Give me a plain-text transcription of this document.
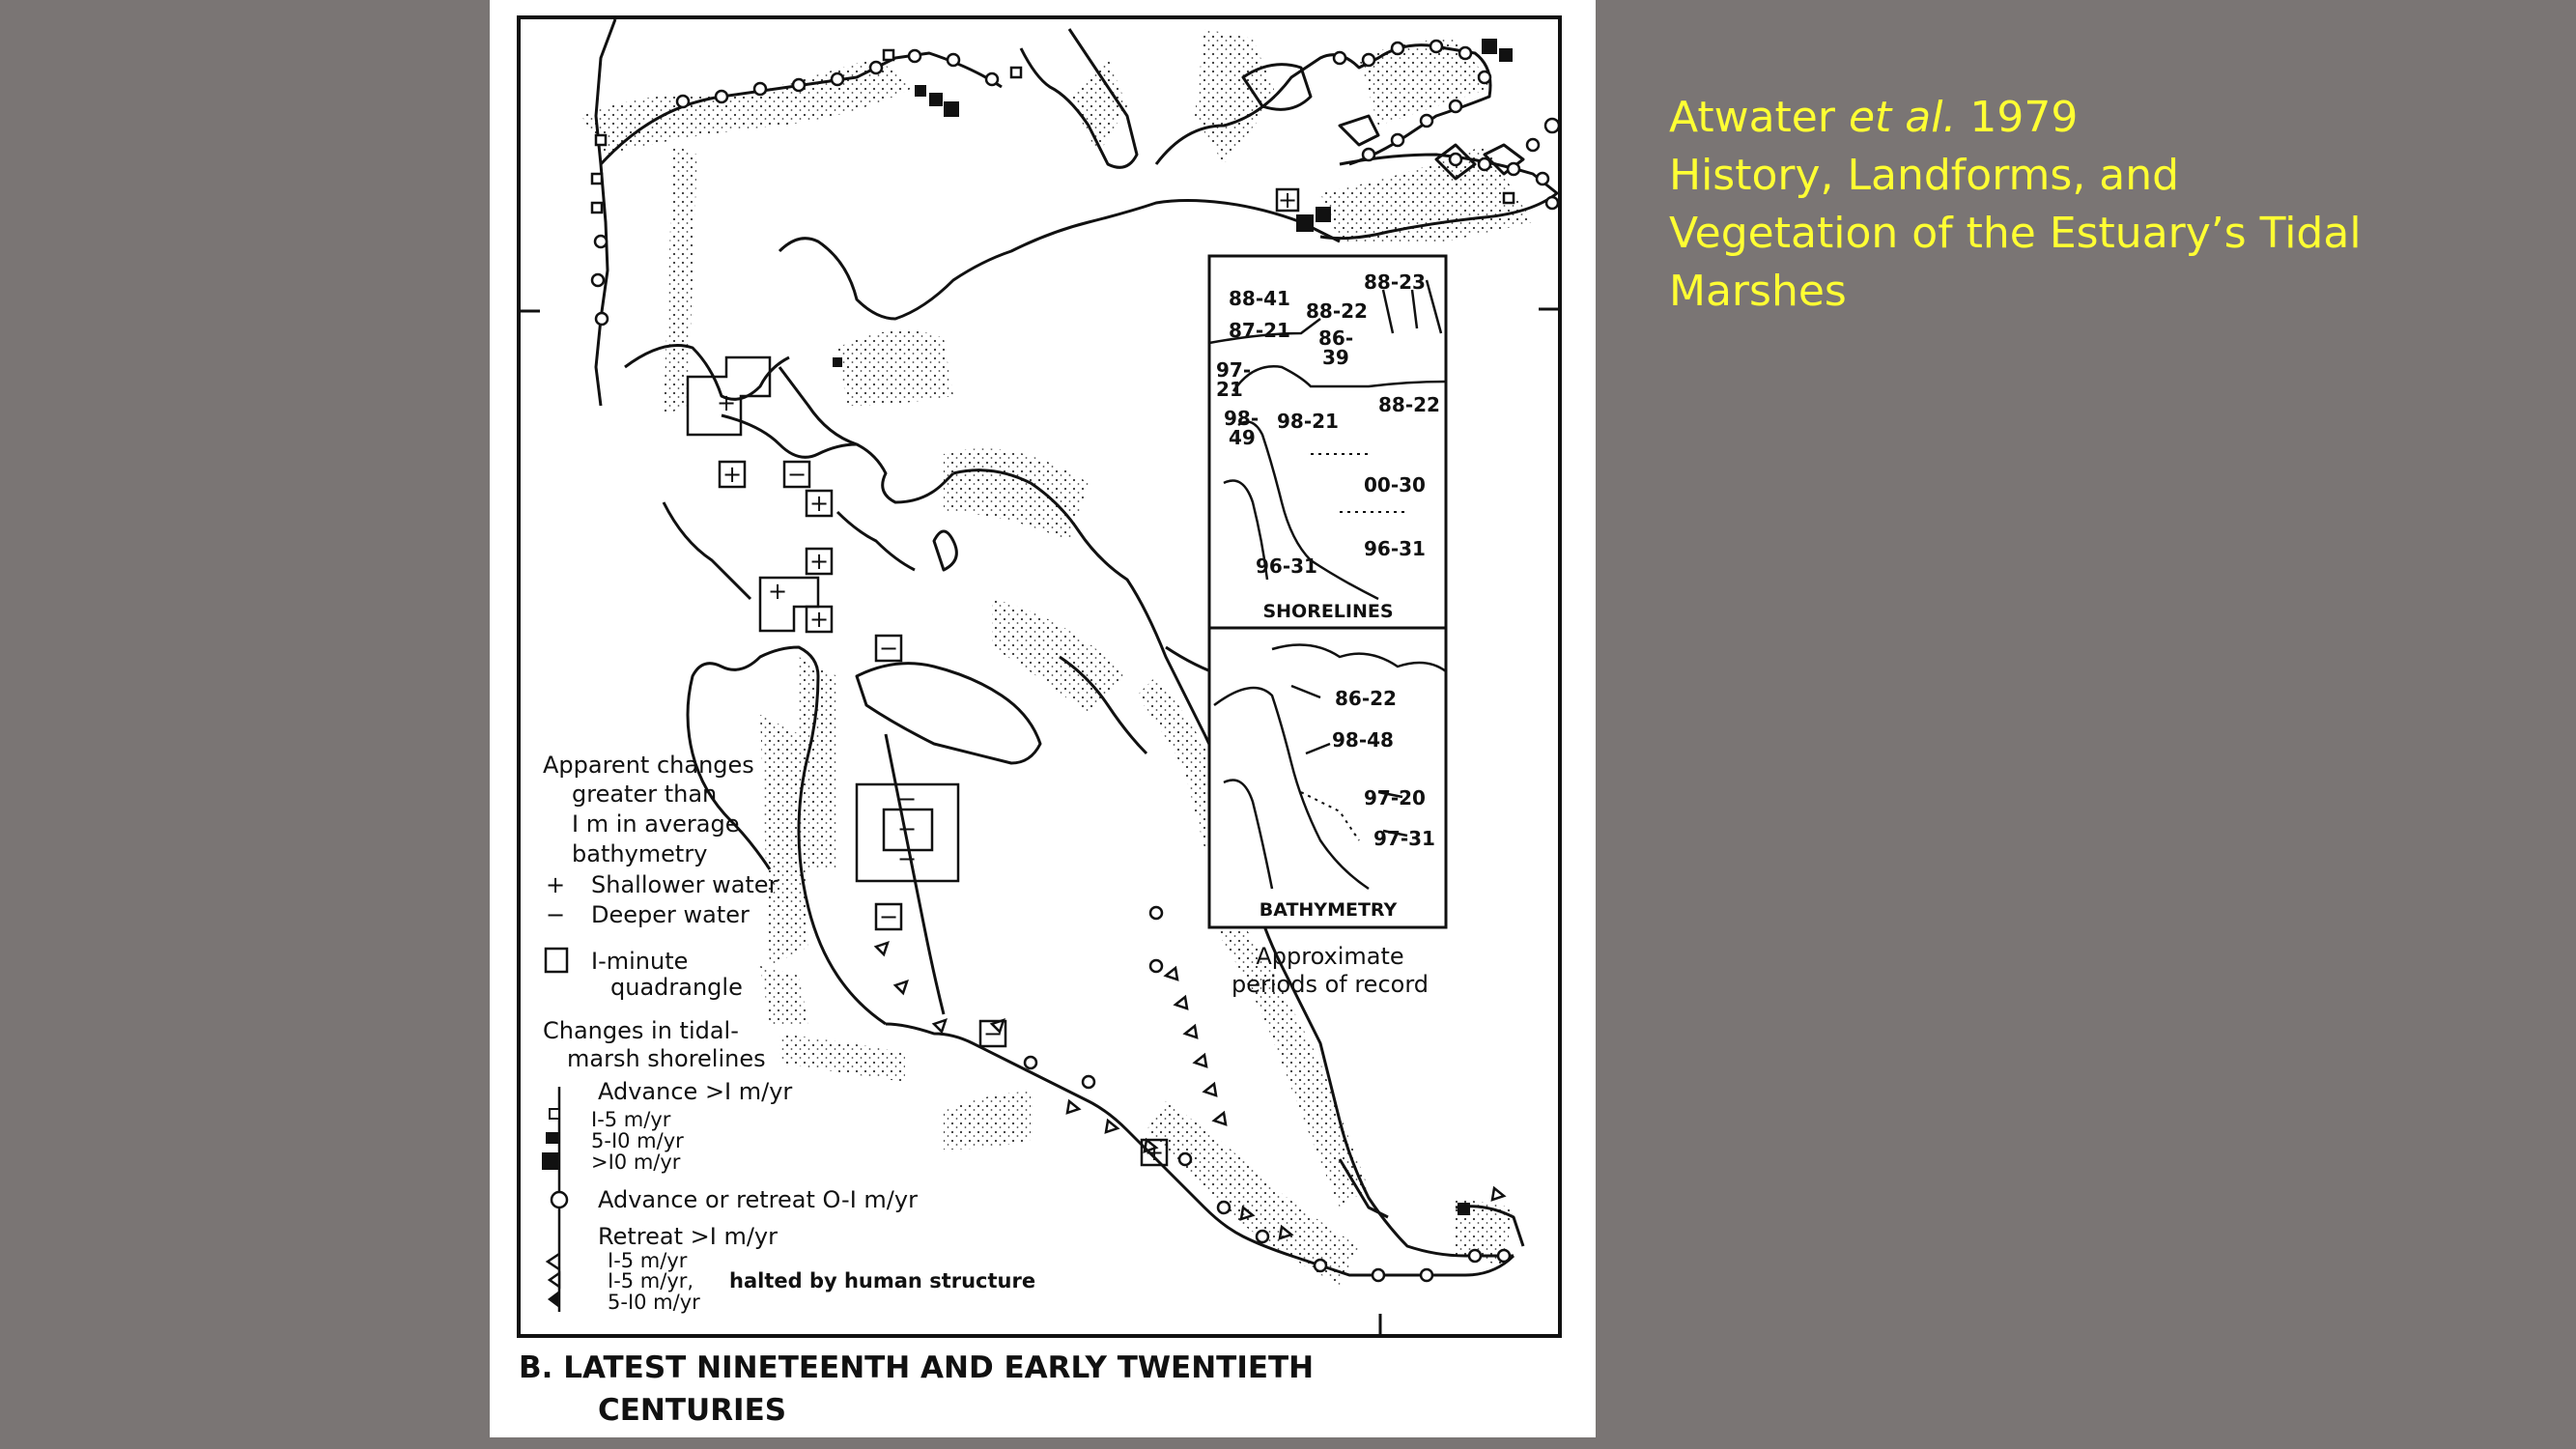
+
+ −
+
+
+
+
−
−
−
−
−
−
+
+
Apparent changes
greater than
I m in average
bathymetry
+ Shallower water
− Deeper water
I-minute
quadrangle
Changes in tidal-
marsh shorelines
Advance >I m/yr
I-5 m/yr
5-I0 m/yr
>I0 m/yr
Advance or retreat O-I m/yr
Retreat >I m/yr
I-5 m/yr
I-5 m/yr, halted by human structure
5-I0 m/yr
88-41
88-23
88-22
87-21 86-
39
97-
21
98-
49
98-21
88-22
00-30
96-31
96-31
SHORELINES
86-22
98-48
97-20
97-31
BATHYMETRY
Approximate
periods of record
B. LATEST NINETEENTH AND EARLY TWENTIETH
CENTURIES
Atwater et al. 1979
History, Landforms, and
Vegetation of the Estuary’s Tidal
Marshes
